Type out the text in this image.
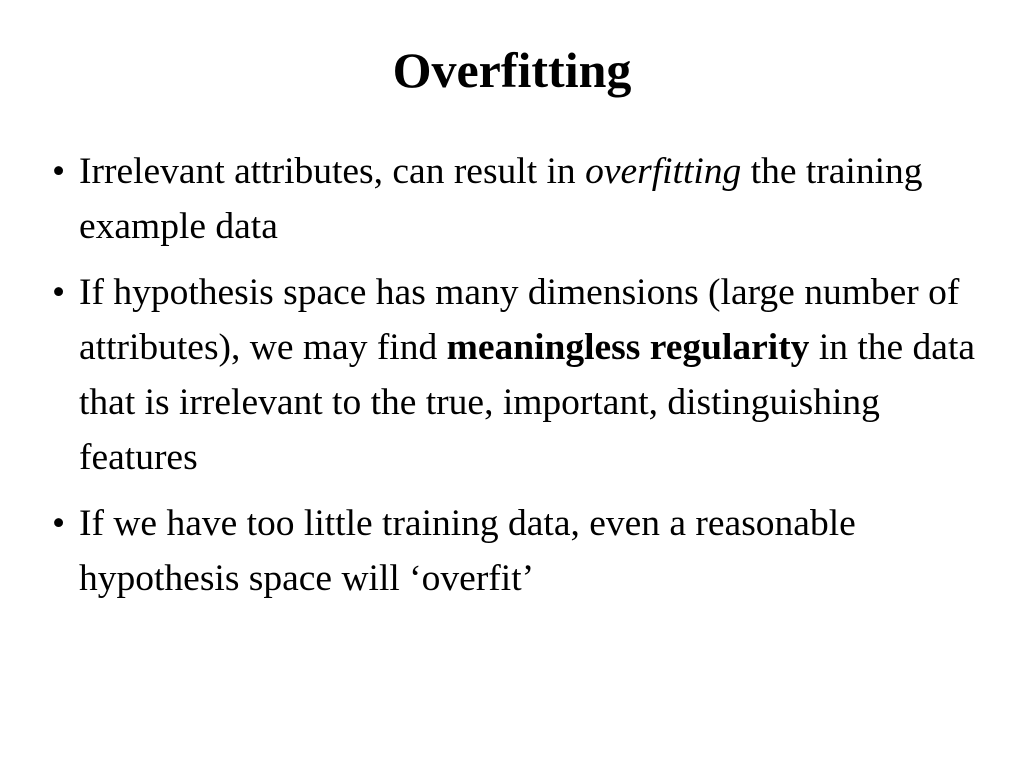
Overfitting
• Irrelevant attributes, can result in overfitting the training example data
• If hypothesis space has many dimensions (large number of attributes), we may find meaningless regularity in the data that is irrelevant to the true, important, distinguishing features
• If we have too little training data, even a reasonable hypothesis space will ‘overfit’
